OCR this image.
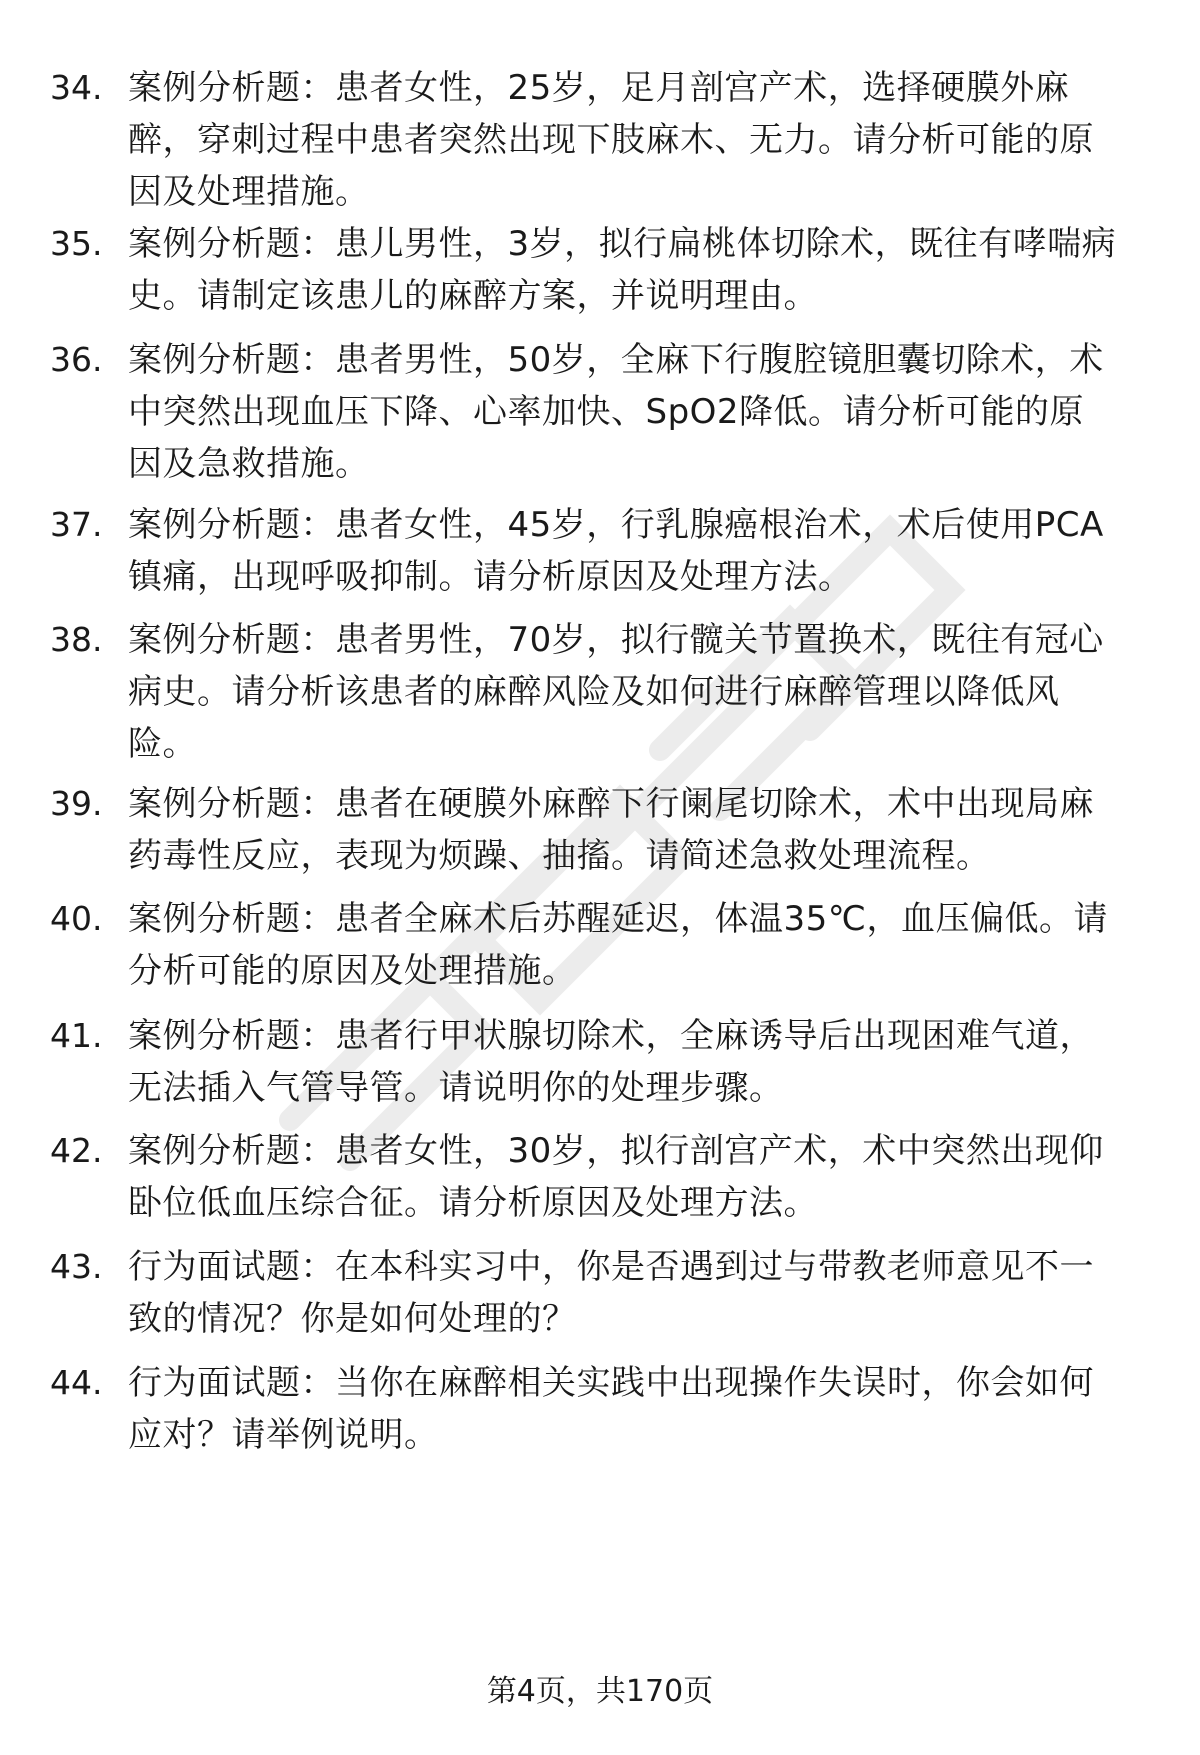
34. 案例分析题：患者女性，25岁，足月剖宫产术，选择硬膜外麻
醉，穿刺过程中患者突然出现下肢麻木、无力。请分析可能的原
因及处理措施。
35. 案例分析题：患儿男性，3岁，拟行扁桃体切除术，既往有哮喘病
史。请制定该患儿的麻醉方案，并说明理由。
36. 案例分析题：患者男性，50岁，全麻下行腹腔镜胆囊切除术，术
中突然出现血压下降、心率加快、SpO2降低。请分析可能的原
因及急救措施。
37. 案例分析题：患者女性，45岁，行乳腺癌根治术，术后使用PCA
镇痛，出现呼吸抑制。请分析原因及处理方法。
38. 案例分析题：患者男性，70岁，拟行髋关节置换术，既往有冠心
病史。请分析该患者的麻醉风险及如何进行麻醉管理以降低风
险。
39. 案例分析题：患者在硬膜外麻醉下行阑尾切除术，术中出现局麻
药毒性反应，表现为烦躁、抽搐。请简述急救处理流程。
40. 案例分析题：患者全麻术后苏醒延迟，体温35℃，血压偏低。请
分析可能的原因及处理措施。
41. 案例分析题：患者行甲状腺切除术，全麻诱导后出现困难气道，
无法插入气管导管。请说明你的处理步骤。
42. 案例分析题：患者女性，30岁，拟行剖宫产术，术中突然出现仰
卧位低血压综合征。请分析原因及处理方法。
43. 行为面试题：在本科实习中，你是否遇到过与带教老师意见不一
致的情况？你是如何处理的？
44. 行为面试题：当你在麻醉相关实践中出现操作失误时，你会如何
应对？请举例说明。
第4页，共170页
